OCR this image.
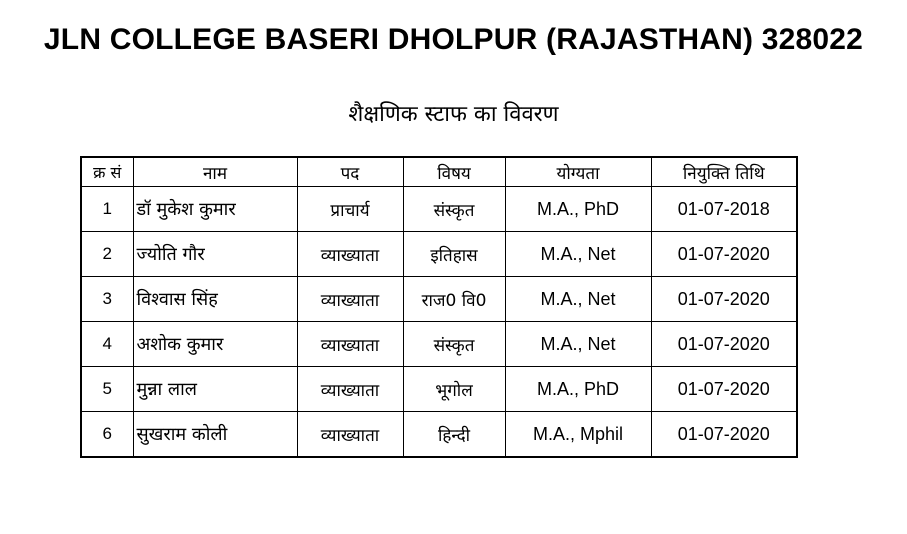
JLN COLLEGE BASERI DHOLPUR (RAJASTHAN) 328022
शैक्षणिक स्टाफ का विवरण
क्र सं	नाम	पद	विषय	योग्यता	नियुक्ति तिथि
1	डॉ मुकेश कुमार	प्राचार्य	संस्कृत	M.A., PhD	01-07-2018
2	ज्योति गौर	व्याख्याता	इतिहास	M.A., Net	01-07-2020
3	विश्वास सिंह	व्याख्याता	राज0 वि0	M.A., Net	01-07-2020
4	अशोक कुमार	व्याख्याता	संस्कृत	M.A., Net	01-07-2020
5	मुन्ना लाल	व्याख्याता	भूगोल	M.A., PhD	01-07-2020
6	सुखराम कोली	व्याख्याता	हिन्दी	M.A., Mphil	01-07-2020
